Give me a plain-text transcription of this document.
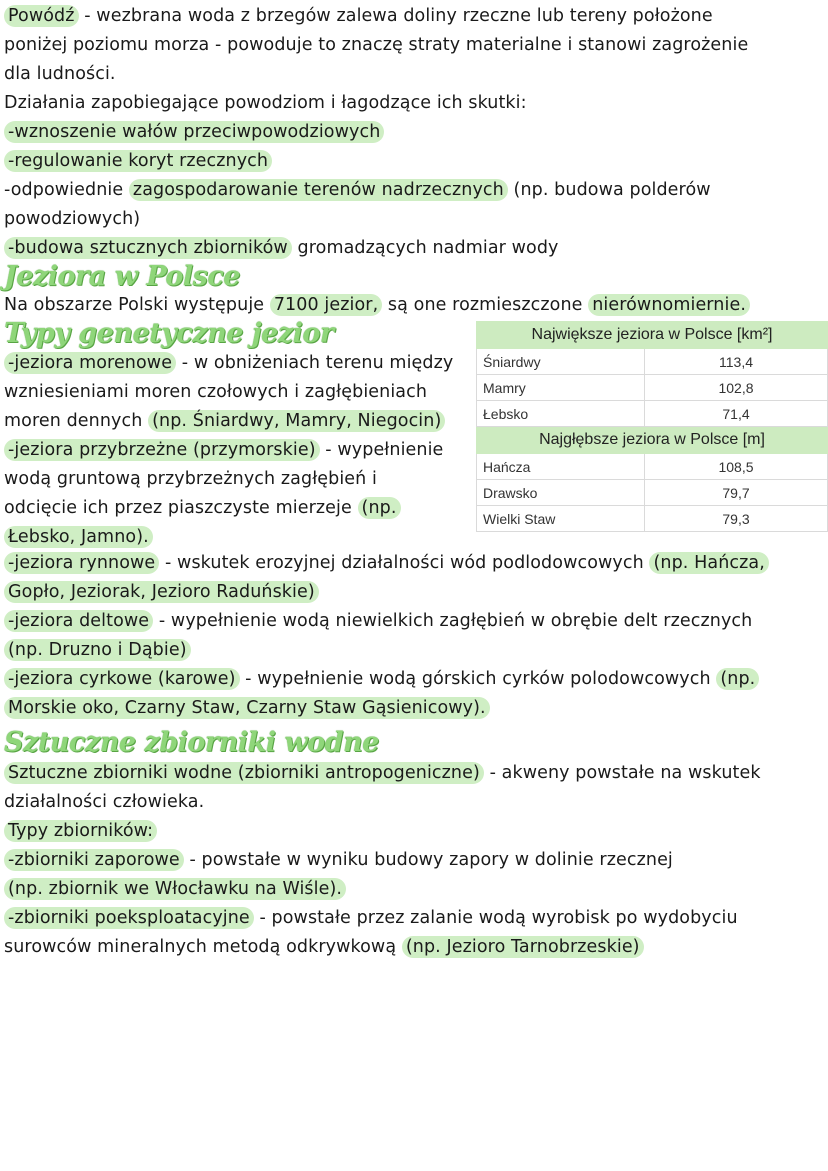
Powódź - wezbrana woda z brzegów zalewa doliny rzeczne lub tereny położone
poniżej poziomu morza - powoduje to znaczę straty materialne i stanowi zagrożenie
dla ludności.
Działania zapobiegające powodziom i łagodzące ich skutki:
-wznoszenie wałów przeciwpowodziowych
-regulowanie koryt rzecznych
-odpowiednie zagospodarowanie terenów nadrzecznych (np. budowa polderów
powodziowych)
-budowa sztucznych zbiorników gromadzących nadmiar wody
Jeziora w Polsce
Na obszarze Polski występuje 7100 jezior, są one rozmieszczone nierównomiernie.
Typy genetyczne jezior
-jeziora morenowe - w obniżeniach terenu między
wzniesieniami moren czołowych i zagłębieniach
moren dennych (np. Śniardwy, Mamry, Niegocin)
-jeziora przybrzeżne (przymorskie) - wypełnienie
wodą gruntową przybrzeżnych zagłębień i
odcięcie ich przez piaszczyste mierzeje (np.
Łebsko, Jamno).
Największe jeziora w Polsce [km²]	
Śniardwy	113,4
Mamry	102,8
Łebsko	71,4
Najgłębsze jeziora w Polsce [m]	
Hańcza	108,5
Drawsko	79,7
Wielki Staw	79,3
-jeziora rynnowe - wskutek erozyjnej działalności wód podlodowcowych (np. Hańcza,
Gopło, Jeziorak, Jezioro Raduńskie)
-jeziora deltowe - wypełnienie wodą niewielkich zagłębień w obrębie delt rzecznych
(np. Druzno i Dąbie)
-jeziora cyrkowe (karowe) - wypełnienie wodą górskich cyrków polodowcowych (np.
Morskie oko, Czarny Staw, Czarny Staw Gąsienicowy).
Sztuczne zbiorniki wodne
Sztuczne zbiorniki wodne (zbiorniki antropogeniczne) - akweny powstałe na wskutek
działalności człowieka.
Typy zbiorników:
-zbiorniki zaporowe - powstałe w wyniku budowy zapory w dolinie rzecznej
(np. zbiornik we Włocławku na Wiśle).
-zbiorniki poeksploatacyjne - powstałe przez zalanie wodą wyrobisk po wydobyciu
surowców mineralnych metodą odkrywkową (np. Jezioro Tarnobrzeskie)
